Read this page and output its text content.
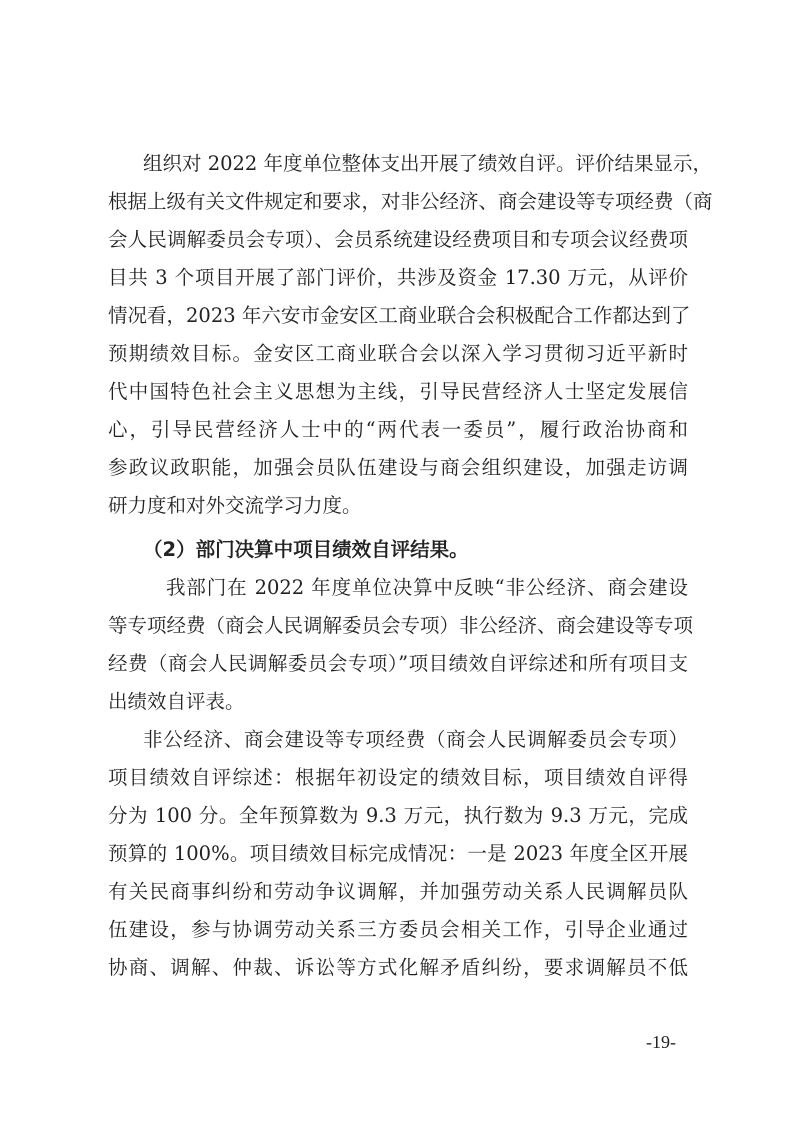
组织对 2022 年度单位整体支出开展了绩效自评。评价结果显示，
根据上级有关文件规定和要求，对非公经济、商会建设等专项经费（商
会人民调解委员会专项）、会员系统建设经费项目和专项会议经费项
目共 3 个项目开展了部门评价，共涉及资金 17.30 万元，从评价
情况看，2023 年六安市金安区工商业联合会积极配合工作都达到了
预期绩效目标。金安区工商业联合会以深入学习贯彻习近平新时
代中国特色社会主义思想为主线，引导民营经济人士坚定发展信
心，引导民营经济人士中的“两代表一委员”，履行政治协商和
参政议政职能，加强会员队伍建设与商会组织建设，加强走访调
研力度和对外交流学习力度。
（2）部门决算中项目绩效自评结果。
我部门在 2022 年度单位决算中反映“非公经济、商会建设
等专项经费（商会人民调解委员会专项）非公经济、商会建设等专项
经费（商会人民调解委员会专项）”项目绩效自评综述和所有项目支
出绩效自评表。
非公经济、商会建设等专项经费（商会人民调解委员会专项）
项目绩效自评综述：根据年初设定的绩效目标，项目绩效自评得
分为 100 分。全年预算数为 9.3 万元，执行数为 9.3 万元，完成
预算的 100%。项目绩效目标完成情况：一是 2023 年度全区开展
有关民商事纠纷和劳动争议调解，并加强劳动关系人民调解员队
伍建设，参与协调劳动关系三方委员会相关工作，引导企业通过
协商、调解、仲裁、诉讼等方式化解矛盾纠纷，要求调解员不低
-19-
